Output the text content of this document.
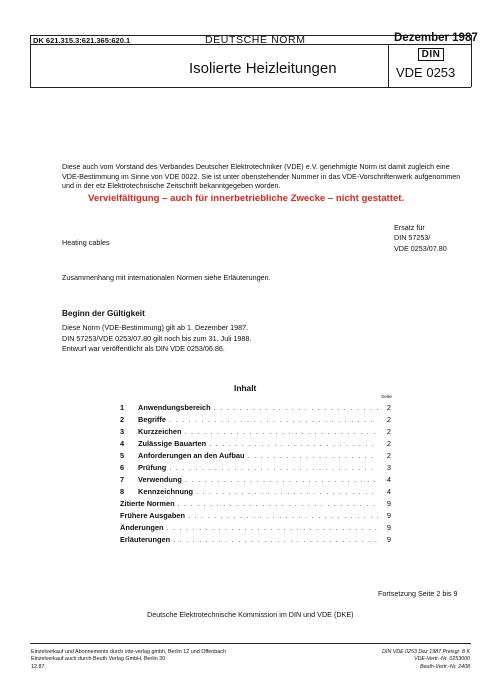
DK 621.315.3:621.365:620.1	DEUTSCHE NORM	Dezember 1987
Isolierte Heizleitungen
DIN
VDE 0253
Diese auch vom Vorstand des Verbandes Deutscher Elektrotechniker (VDE) e.V. genehmigte Norm ist damit zugleich eine VDE-Bestimmung im Sinne von VDE 0022. Sie ist unter obenstehender Nummer in das VDE-Vorschriftenwerk aufgenommen und in der etz Elektrotechnische Zeitschrift bekanntgegeben worden.
Vervielfältigung – auch für innerbetriebliche Zwecke – nicht gestattet.
Heating cables
Ersatz für
DIN 57253/
VDE 0253/07.80
Zusammenhang mit internationalen Normen siehe Erläuterungen.
Beginn der Gültigkeit
Diese Norm (VDE-Bestimmung) gilt ab 1. Dezember 1987.
DIN 57253/VDE 0253/07.80 gilt noch bis zum 31. Juli 1988.
Entwurf war veröffentlicht als DIN VDE 0253/06.86.
Inhalt
Seite
1	Anwendungsbereich . . .	2
2	Begriffe . . .	2
3	Kurzzeichen . . .	2
4	Zulässige Bauarten . . .	2
5	Anforderungen an den Aufbau . . .	2
6	Prüfung . . .	3
7	Verwendung . . .	4
8	Kennzeichnung . . .	4
Zitierte Normen . . .	9
Frühere Ausgaben . . .	9
Änderungen . . .	9
Erläuterungen . . .	9
Fortsetzung Seite 2 bis 9
Deutsche Elektrotechnische Kommission im DIN und VDE (DKE)
Einzelverkauf und Abonnements durch vde-verlag gmbh, Berlin 12 und Offenbach
Einzelverkauf auch durch Beuth Verlag GmbH, Berlin 30
12.87
DIN VDE 0253 Dez 1987 Preisgr. 8 K
VDE-Vertr.-Nr. 0253000
Beuth-Vertr.-Nr. 2408
